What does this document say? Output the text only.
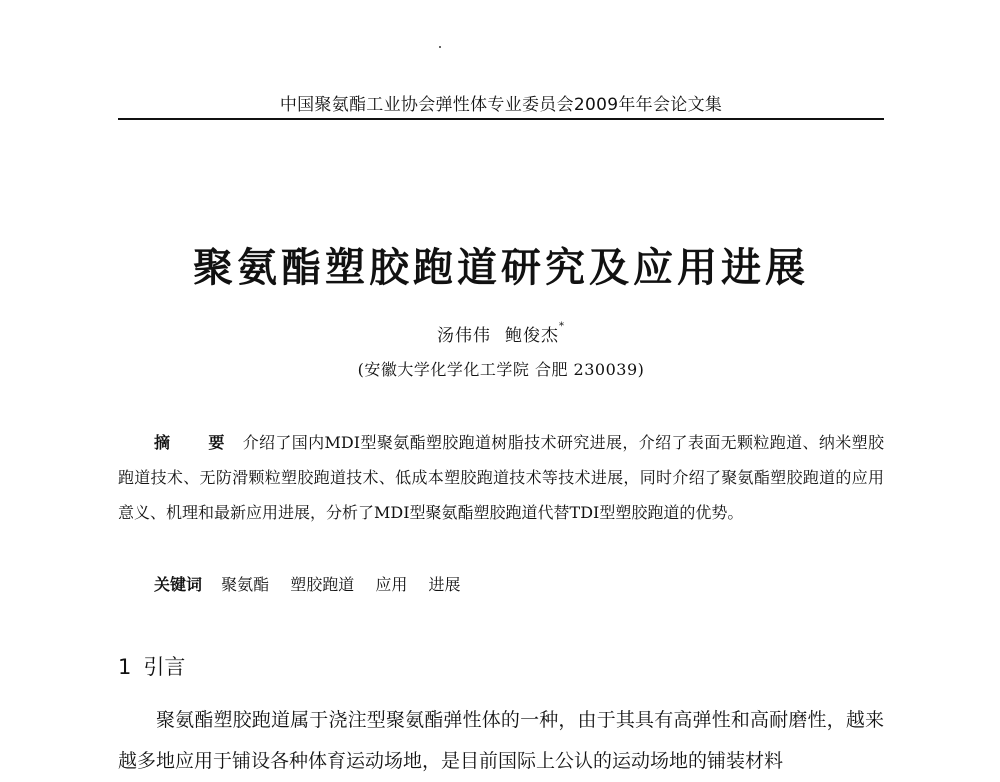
中国聚氨酯工业协会弹性体专业委员会2009年年会论文集
聚氨酯塑胶跑道研究及应用进展
汤伟伟 鲍俊杰*
(安徽大学化学化工学院 合肥 230039)
摘 要 介绍了国内MDI型聚氨酯塑胶跑道树脂技术研究进展，介绍了表面无颗粒跑道、纳米塑胶跑道技术、无防滑颗粒塑胶跑道技术、低成本塑胶跑道技术等技术进展，同时介绍了聚氨酯塑胶跑道的应用意义、机理和最新应用进展，分析了MDI型聚氨酯塑胶跑道代替TDI型塑胶跑道的优势。
关键词 聚氨酯 塑胶跑道 应用 进展
1 引言
聚氨酯塑胶跑道属于浇注型聚氨酯弹性体的一种，由于其具有高弹性和高耐磨性，越来越多地应用于铺设各种体育运动场地，是目前国际上公认的运动场地的铺装材料
